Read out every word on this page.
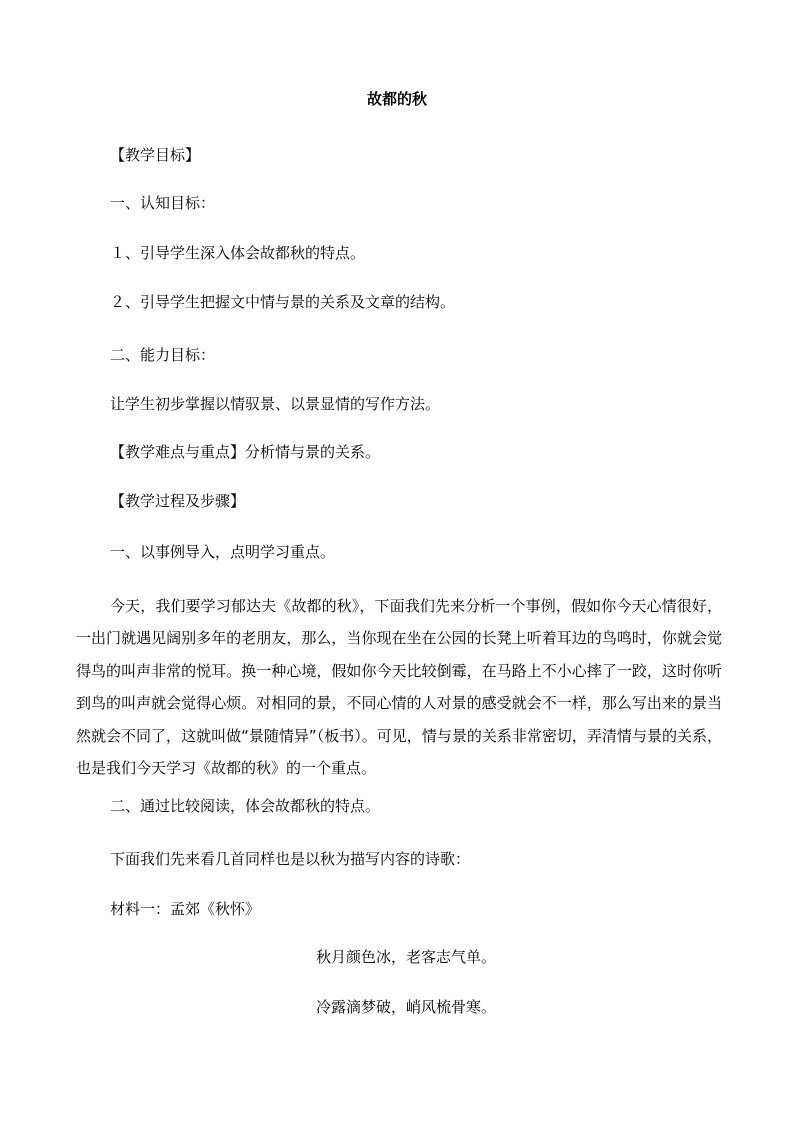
故都的秋

【教学目标】

一、认知目标：

１、引导学生深入体会故都秋的特点。

２、引导学生把握文中情与景的关系及文章的结构。

二、能力目标：

让学生初步掌握以情驭景、以景显情的写作方法。

【教学难点与重点】分析情与景的关系。

【教学过程及步骤】

一、以事例导入，点明学习重点。

今天，我们要学习郁达夫《故都的秋》，下面我们先来分析一个事例，假如你今天心情很好，一出门就遇见阔别多年的老朋友，那么，当你现在坐在公园的长凳上听着耳边的鸟鸣时，你就会觉得鸟的叫声非常的悦耳。换一种心境，假如你今天比较倒霉，在马路上不小心摔了一跤，这时你听到鸟的叫声就会觉得心烦。对相同的景，不同心情的人对景的感受就会不一样，那么写出来的景当然就会不同了，这就叫做“景随情异”（板书）。可见，情与景的关系非常密切，弄清情与景的关系，也是我们今天学习《故都的秋》的一个重点。

二、通过比较阅读，体会故都秋的特点。

下面我们先来看几首同样也是以秋为描写内容的诗歌：

材料一：孟郊《秋怀》

秋月颜色冰，老客志气单。

冷露滴梦破，峭风梳骨寒。
